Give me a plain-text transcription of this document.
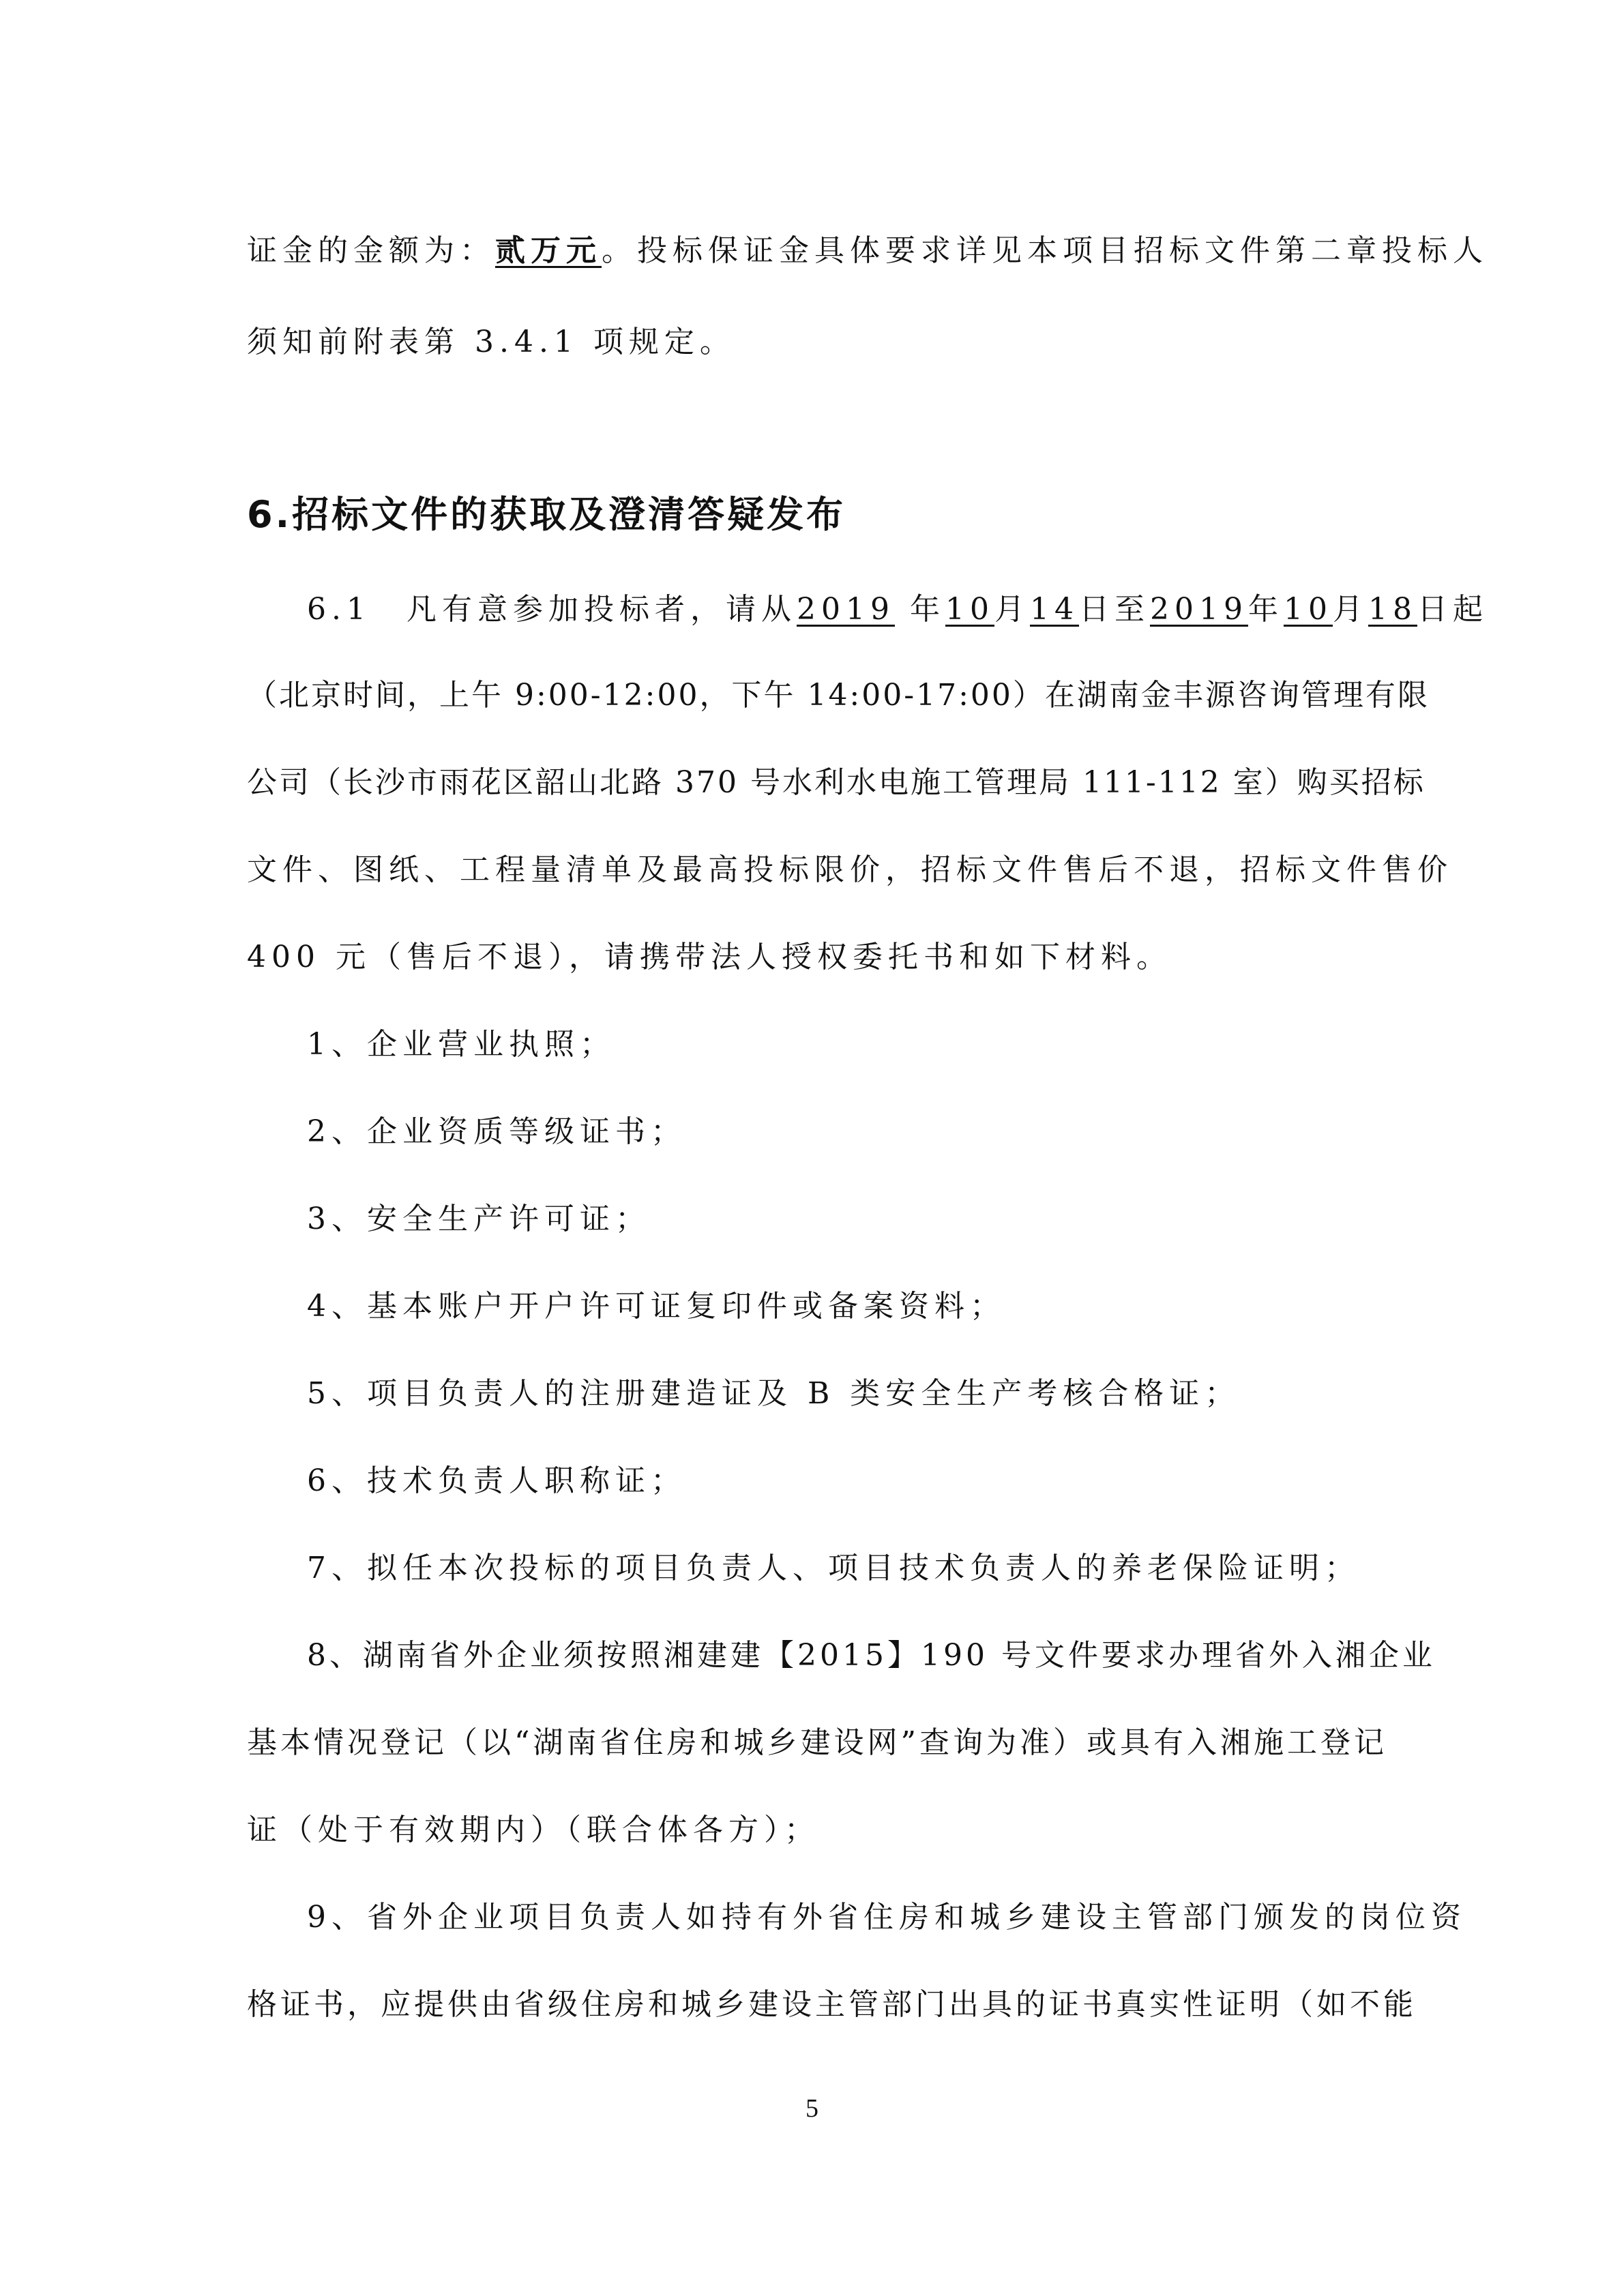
证金的金额为：贰万元。投标保证金具体要求详见本项目招标文件第二章投标人

须知前附表第 3.4.1 项规定。

6.招标文件的获取及澄清答疑发布

6.1　凡有意参加投标者，请从2019 年10月14日至2019年10月18日起

（北京时间，上午 9:00-12:00，下午 14:00-17:00）在湖南金丰源咨询管理有限

公司（长沙市雨花区韶山北路 370 号水利水电施工管理局 111-112 室）购买招标

文件、图纸、工程量清单及最高投标限价，招标文件售后不退，招标文件售价

400 元（售后不退），请携带法人授权委托书和如下材料。

1、企业营业执照；

2、企业资质等级证书；

3、安全生产许可证；

4、基本账户开户许可证复印件或备案资料；

5、项目负责人的注册建造证及 B 类安全生产考核合格证；

6、技术负责人职称证；

7、拟任本次投标的项目负责人、项目技术负责人的养老保险证明；

8、湖南省外企业须按照湘建建【2015】190 号文件要求办理省外入湘企业

基本情况登记（以“湖南省住房和城乡建设网”查询为准）或具有入湘施工登记

证（处于有效期内）（联合体各方）；

9、省外企业项目负责人如持有外省住房和城乡建设主管部门颁发的岗位资

格证书，应提供由省级住房和城乡建设主管部门出具的证书真实性证明（如不能

5
